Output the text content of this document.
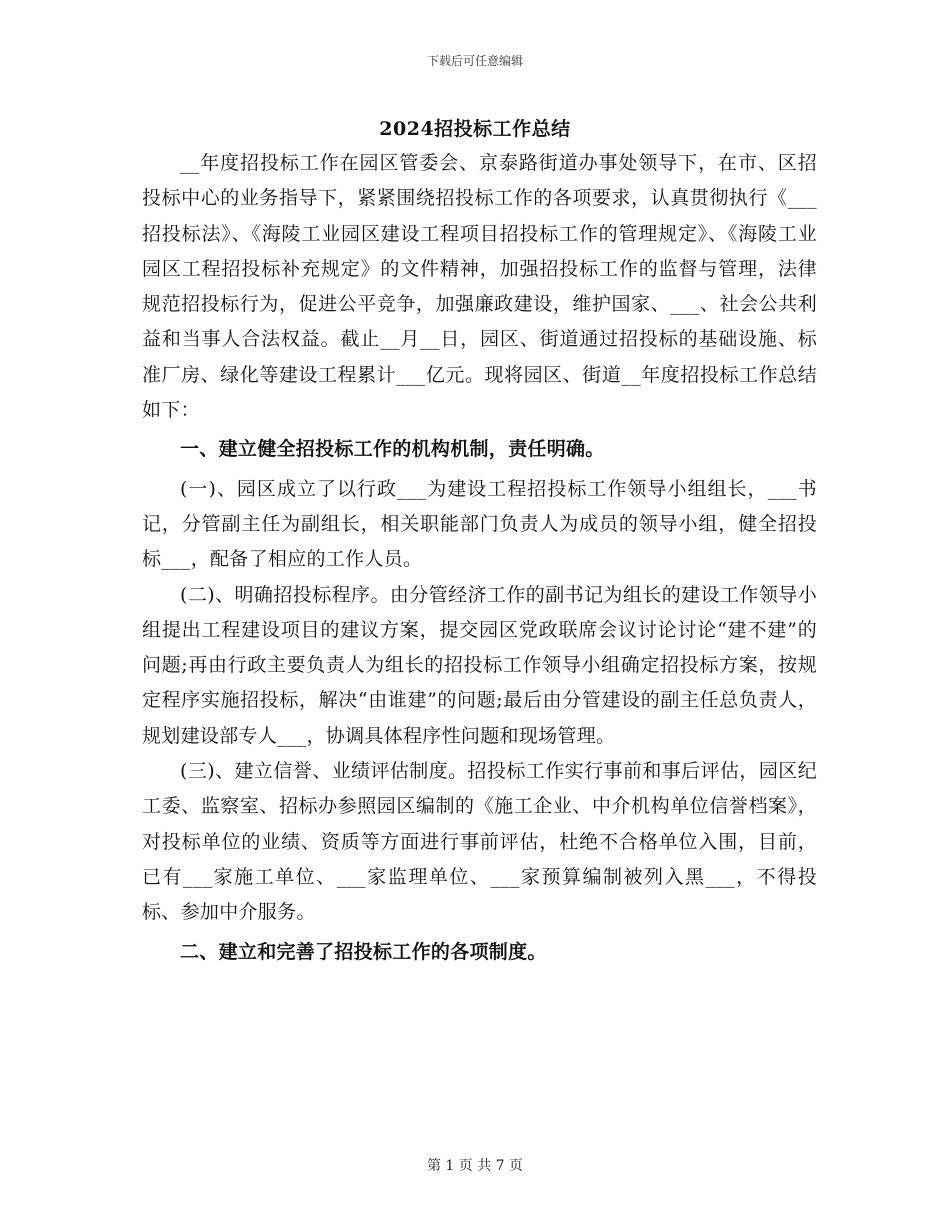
下载后可任意编辑
2024招投标工作总结

__年度招投标工作在园区管委会、京泰路街道办事处领导下，在市、区招投标中心的业务指导下，紧紧围绕招投标工作的各项要求，认真贯彻执行《___招投标法》、《海陵工业园区建设工程项目招投标工作的管理规定》、《海陵工业园区工程招投标补充规定》的文件精神，加强招投标工作的监督与管理，法律规范招投标行为，促进公平竞争，加强廉政建设，维护国家、___、社会公共利益和当事人合法权益。截止__月__日，园区、街道通过招投标的基础设施、标准厂房、绿化等建设工程累计___亿元。现将园区、街道__年度招投标工作总结如下：

一、建立健全招投标工作的机构机制，责任明确。

(一)、园区成立了以行政___为建设工程招投标工作领导小组组长，___书记，分管副主任为副组长，相关职能部门负责人为成员的领导小组，健全招投标___，配备了相应的工作人员。

(二)、明确招投标程序。由分管经济工作的副书记为组长的建设工作领导小组提出工程建设项目的建议方案，提交园区党政联席会议讨论讨论“建不建”的问题;再由行政主要负责人为组长的招投标工作领导小组确定招投标方案，按规定程序实施招投标，解决“由谁建”的问题;最后由分管建设的副主任总负责人，规划建设部专人___，协调具体程序性问题和现场管理。

(三)、建立信誉、业绩评估制度。招投标工作实行事前和事后评估，园区纪工委、监察室、招标办参照园区编制的《施工企业、中介机构单位信誉档案》，对投标单位的业绩、资质等方面进行事前评估，杜绝不合格单位入围，目前，已有___家施工单位、___家监理单位、___家预算编制被列入黑___，不得投标、参加中介服务。

二、建立和完善了招投标工作的各项制度。

第 1 页 共 7 页
